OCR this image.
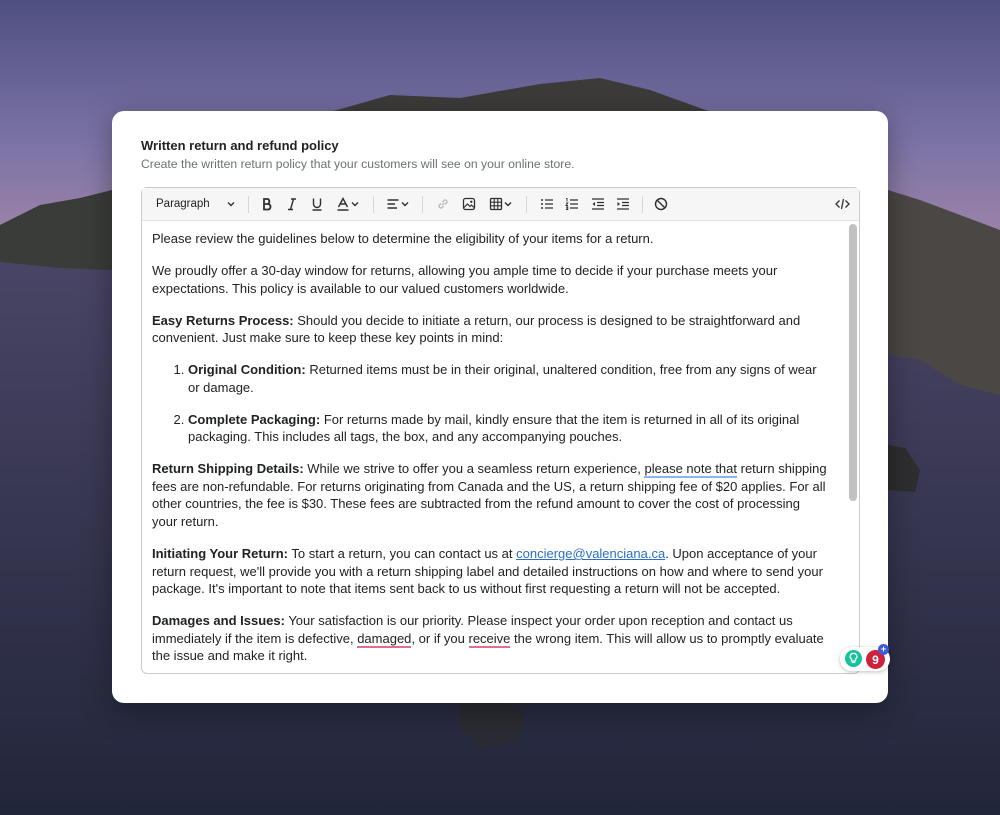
Written return and refund policy
Create the written return policy that your customers will see on your online store.
Paragraph

Please review the guidelines below to determine the eligibility of your items for a return.

We proudly offer a 30-day window for returns, allowing you ample time to decide if your purchase meets your expectations. This policy is available to our valued customers worldwide.

Easy Returns Process: Should you decide to initiate a return, our process is designed to be straightforward and convenient. Just make sure to keep these key points in mind:

1. Original Condition: Returned items must be in their original, unaltered condition, free from any signs of wear or damage.
2. Complete Packaging: For returns made by mail, kindly ensure that the item is returned in all of its original packaging. This includes all tags, the box, and any accompanying pouches.

Return Shipping Details: While we strive to offer you a seamless return experience, please note that return shipping fees are non-refundable. For returns originating from Canada and the US, a return shipping fee of $20 applies. For all other countries, the fee is $30. These fees are subtracted from the refund amount to cover the cost of processing your return.

Initiating Your Return: To start a return, you can contact us at concierge@valenciana.ca. Upon acceptance of your return request, we'll provide you with a return shipping label and detailed instructions on how and where to send your package. It's important to note that items sent back to us without first requesting a return will not be accepted.

Damages and Issues: Your satisfaction is our priority. Please inspect your order upon reception and contact us immediately if the item is defective, damaged, or if you receive the wrong item. This will allow us to promptly evaluate the issue and make it right.	9
+
